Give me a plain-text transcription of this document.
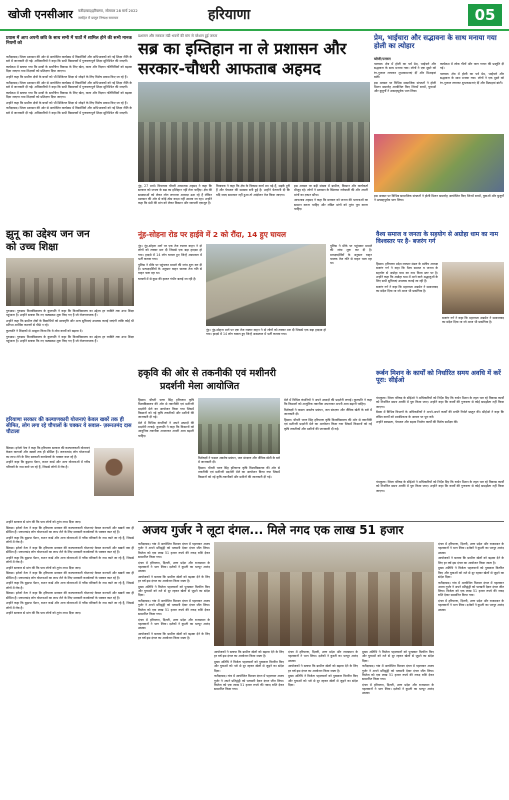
खोजी एनसीआर फरीदाबाद/हरियाणा, सोमवार 28 मार्च 2022
जनहित में प्रस्तुत निष्पक्ष समाचार	हरियाणा	05
प्रयास में आप अपनी छवि के साथ सभी में पाठों में शामिल होने की सभी मानक नियमों को

फरीदाबाद। जिला प्रशासन की ओर से आयोजित कार्यक्रम में विद्यार्थियों और अभिभावकों को नई शिक्षा नीति के बारे में जानकारी दी गई। अधिकारियों ने कहा कि सभी विद्यालयों में गुणवत्तापूर्ण शिक्षा सुनिश्चित की जाएगी।

कार्यक्रम में बताया गया कि छात्रों के सर्वांगीण विकास के लिए खेल, कला और विज्ञान गतिविधियों को बढ़ावा दिया जाएगा तथा शिक्षकों को प्रशिक्षण दिया जाएगा।

उन्होंने कहा कि ग्रामीण क्षेत्रों के बच्चों को भी डिजिटल शिक्षा से जोड़ने के लिए विशेष प्रयास किए जा रहे हैं।

फरीदाबाद। जिला प्रशासन की ओर से आयोजित कार्यक्रम में विद्यार्थियों और अभिभावकों को नई शिक्षा नीति के बारे में जानकारी दी गई। अधिकारियों ने कहा कि सभी विद्यालयों में गुणवत्तापूर्ण शिक्षा सुनिश्चित की जाएगी।

कार्यक्रम में बताया गया कि छात्रों के सर्वांगीण विकास के लिए खेल, कला और विज्ञान गतिविधियों को बढ़ावा दिया जाएगा तथा शिक्षकों को प्रशिक्षण दिया जाएगा।

उन्होंने कहा कि ग्रामीण क्षेत्रों के बच्चों को भी डिजिटल शिक्षा से जोड़ने के लिए विशेष प्रयास किए जा रहे हैं।

फरीदाबाद। जिला प्रशासन की ओर से आयोजित कार्यक्रम में विद्यार्थियों और अभिभावकों को नई शिक्षा नीति के बारे में जानकारी दी गई। अधिकारियों ने कहा कि सभी विद्यालयों में गुणवत्तापूर्ण शिक्षा सुनिश्चित की जाएगी।

प्रशासन और सरकार मंडी भवनों की मांग से परेशान हुई जनता
सब्र का इम्तिहान ना ले प्रशासन और
सरकार-चौधरी आफताब अहमद

नूंह, 27 मार्च। विधायक चौधरी आफताब अहमद ने कहा कि सरकार को जनता के सब्र का इम्तिहान नहीं लेना चाहिए। क्षेत्र की समस्याओं को लेकर लोग लगातार आवाज़ उठा रहे हैं लेकिन प्रशासन की ओर से कोई ठोस कदम नहीं उठाया जा रहा। उन्होंने कहा कि मंडी की मांग को लेकर किसान और व्यापारी एकजुट हैं।

विधायक ने कहा कि क्षेत्र के विकास कार्य ठप पड़े हैं, सड़कें टूटी हैं और पेयजल की समस्या बनी हुई है। उन्होंने चेतावनी दी कि यदि जल्द समाधान नहीं हुआ तो आंदोलन तेज किया जाएगा।

इस अवसर पर बड़ी संख्या में ग्रामीण, किसान और कार्यकर्ता मौजूद रहे। लोगों ने प्रशासन के खिलाफ नारेबाजी की और अपनी मांगों का ज्ञापन सौंपा।

आफताब अहमद ने कहा कि सरकार को जनता की भावनाओं का सम्मान करना चाहिए और लंबित मांगों को तुरंत पूरा करना चाहिए।

प्रेम, भाईचारा और सद्भावना के साथ मनाया गया होली का त्योहार
खोजी/पलवल

पलवल। क्षेत्र में होली का पर्व प्रेम, भाईचारे और सद्भावना के साथ मनाया गया। लोगों ने एक दूसरे को रंग-गुलाल लगाकर शुभकामनाएं दीं और मिठाइयां बांटी।

इस अवसर पर विभिन्न सामाजिक संगठनों ने होली मिलन समारोह आयोजित किए जिनमें बच्चों, युवाओं और बुजुर्गों ने उत्साहपूर्वक भाग लिया।

कार्यक्रम में लोक गीतों और फाग गायन की प्रस्तुति दी गई।

पलवल। क्षेत्र में होली का पर्व प्रेम, भाईचारे और सद्भावना के साथ मनाया गया। लोगों ने एक दूसरे को रंग-गुलाल लगाकर शुभकामनाएं दीं और मिठाइयां बांटी।

इस अवसर पर विभिन्न सामाजिक संगठनों ने होली मिलन समारोह आयोजित किए जिनमें बच्चों, युवाओं और बुजुर्गों ने उत्साहपूर्वक भाग लिया।

झुनू का उद्देश्य जन जन
को उच्च शिक्षा

गुरुग्राम। गुरुग्राम विश्वविद्यालय के कुलपति ने कहा कि विश्वविद्यालय का उद्देश्य हर व्यक्ति तक उच्च शिक्षा पहुंचाना है। उन्होंने बताया कि नए पाठ्यक्रम शुरू किए गए हैं जो रोजगारपरक हैं।

उन्होंने कहा कि ग्रामीण क्षेत्रों के विद्यार्थियों को छात्रवृत्ति और अन्य सुविधाएं उपलब्ध कराई जाएंगी ताकि कोई भी प्रतिभा आर्थिक कारणों से पीछे न रहे।

कुलपति ने शिक्षकों से आह्वान किया कि वे शोध कार्यों को बढ़ावा दें।

गुरुग्राम। गुरुग्राम विश्वविद्यालय के कुलपति ने कहा कि विश्वविद्यालय का उद्देश्य हर व्यक्ति तक उच्च शिक्षा पहुंचाना है। उन्होंने बताया कि नए पाठ्यक्रम शुरू किए गए हैं जो रोजगारपरक हैं।

हरियाणा सरकार की कल्याणकारी योजनाएं केवल खबरें तक ही सीमित, लोग लगा रहे चौपालों के चक्कर ये सवाल- ज़रूरतमंद दास चौटाला

सिरसा। इनेलो नेता ने कहा कि हरियाणा सरकार की कल्याणकारी योजनाएं केवल कागजों और खबरों तक ही सीमित हैं। जरूरतमंद लोग योजनाओं का लाभ लेने के लिए सरकारी कार्यालयों के चक्कर काट रहे हैं।

उन्होंने कहा कि बुढ़ापा पेंशन, राशन कार्ड और अन्य योजनाओं में गरीब परिवारों के नाम काटे जा रहे हैं, जिससे लोगों में रोष है।

उन्होंने सरकार से मांग की कि पात्र लोगों को तुरंत लाभ दिया जाए।

सिरसा। इनेलो नेता ने कहा कि हरियाणा सरकार की कल्याणकारी योजनाएं केवल कागजों और खबरों तक ही सीमित हैं। जरूरतमंद लोग योजनाओं का लाभ लेने के लिए सरकारी कार्यालयों के चक्कर काट रहे हैं।

उन्होंने कहा कि बुढ़ापा पेंशन, राशन कार्ड और अन्य योजनाओं में गरीब परिवारों के नाम काटे जा रहे हैं, जिससे लोगों में रोष है।

सिरसा। इनेलो नेता ने कहा कि हरियाणा सरकार की कल्याणकारी योजनाएं केवल कागजों और खबरों तक ही सीमित हैं। जरूरतमंद लोग योजनाओं का लाभ लेने के लिए सरकारी कार्यालयों के चक्कर काट रहे हैं।

उन्होंने कहा कि बुढ़ापा पेंशन, राशन कार्ड और अन्य योजनाओं में गरीब परिवारों के नाम काटे जा रहे हैं, जिससे लोगों में रोष है।

उन्होंने सरकार से मांग की कि पात्र लोगों को तुरंत लाभ दिया जाए।

सिरसा। इनेलो नेता ने कहा कि हरियाणा सरकार की कल्याणकारी योजनाएं केवल कागजों और खबरों तक ही सीमित हैं। जरूरतमंद लोग योजनाओं का लाभ लेने के लिए सरकारी कार्यालयों के चक्कर काट रहे हैं।

उन्होंने कहा कि बुढ़ापा पेंशन, राशन कार्ड और अन्य योजनाओं में गरीब परिवारों के नाम काटे जा रहे हैं, जिससे लोगों में रोष है।

सिरसा। इनेलो नेता ने कहा कि हरियाणा सरकार की कल्याणकारी योजनाएं केवल कागजों और खबरों तक ही सीमित हैं। जरूरतमंद लोग योजनाओं का लाभ लेने के लिए सरकारी कार्यालयों के चक्कर काट रहे हैं।

उन्होंने कहा कि बुढ़ापा पेंशन, राशन कार्ड और अन्य योजनाओं में गरीब परिवारों के नाम काटे जा रहे हैं, जिससे लोगों में रोष है।

उन्होंने सरकार से मांग की कि पात्र लोगों को तुरंत लाभ दिया जाए।

नूंह-सोहना रोड पर हाईवे में 2 को रौंदा, 14 हुए घायल

नूंह। नूंह-सोहना मार्ग पर एक तेज रफ्तार वाहन ने दो लोगों को टक्कर मार दी जिससे एक बड़ा हादसा हो गया। हादसे में 14 लोग घायल हुए जिन्हें अस्पताल में भर्ती कराया गया।

पुलिस ने मौके पर पहुंचकर मामले की जांच शुरू कर दी है। प्रत्यक्षदर्शियों के अनुसार वाहन चालक तेज गति से वाहन चला रहा था।

घायलों में से कुछ की हालत गंभीर बताई जा रही है।

पुलिस ने मौके पर पहुंचकर मामले की जांच शुरू कर दी है। प्रत्यक्षदर्शियों के अनुसार वाहन चालक तेज गति से वाहन चला रहा था।

नूंह। नूंह-सोहना मार्ग पर एक तेज रफ्तार वाहन ने दो लोगों को टक्कर मार दी जिससे एक बड़ा हादसा हो गया। हादसे में 14 लोग घायल हुए जिन्हें अस्पताल में भर्ती कराया गया।

वैश्य समाज व जनता के सहयोग से अग्रोहा धाम का नाम विश्वस्तर पर है- बजरंग गर्ग

हिसार। हरियाणा प्रदेश व्यापार मंडल के प्रांतीय अध्यक्ष बजरंग गर्ग ने कहा कि वैश्य समाज व जनता के सहयोग से अग्रोहा धाम का नाम विश्व स्तर पर है। उन्होंने कहा कि अग्रोहा धाम में आने वाले श्रद्धालुओं के लिए सभी सुविधाएं उपलब्ध कराई जा रही हैं।

बजरंग गर्ग ने कहा कि महाराजा अग्रसेन ने समाजवाद का संदेश दिया था जो आज भी प्रासंगिक है।

बजरंग गर्ग ने कहा कि महाराजा अग्रसेन ने समाजवाद का संदेश दिया था जो आज भी प्रासंगिक है।

हकृवि की ओर से तकनीकी एवं मशीनरी
प्रदर्शनी मेला आयोजित

हिसार। चौधरी चरण सिंह हरियाणा कृषि विश्वविद्यालय की ओर से तकनीकी एवं मशीनरी प्रदर्शनी मेले का आयोजन किया गया जिसमें किसानों को नई कृषि तकनीकों और मशीनों की जानकारी दी गई।

मेले में विभिन्न कंपनियों ने अपने उत्पादों की प्रदर्शनी लगाई। कुलपति ने कहा कि किसानों को आधुनिक तकनीक अपनाकर अपनी आय बढ़ानी चाहिए।

विशेषज्ञों ने फसल अवशेष प्रबंधन, जल संरक्षण और जैविक खेती के बारे में जानकारी दी।

हिसार। चौधरी चरण सिंह हरियाणा कृषि विश्वविद्यालय की ओर से तकनीकी एवं मशीनरी प्रदर्शनी मेले का आयोजन किया गया जिसमें किसानों को नई कृषि तकनीकों और मशीनों की जानकारी दी गई।

मेले में विभिन्न कंपनियों ने अपने उत्पादों की प्रदर्शनी लगाई। कुलपति ने कहा कि किसानों को आधुनिक तकनीक अपनाकर अपनी आय बढ़ानी चाहिए।

विशेषज्ञों ने फसल अवशेष प्रबंधन, जल संरक्षण और जैविक खेती के बारे में जानकारी दी।

हिसार। चौधरी चरण सिंह हरियाणा कृषि विश्वविद्यालय की ओर से तकनीकी एवं मशीनरी प्रदर्शनी मेले का आयोजन किया गया जिसमें किसानों को नई कृषि तकनीकों और मशीनों की जानकारी दी गई।

रूर्बन मिशन के कार्यों को निर्धारित समय अवधि में करें पूरा: सीईओ

पंचकूला। जिला परिषद के सीईओ ने अधिकारियों को निर्देश दिए कि रूर्बन मिशन के तहत चल रहे विकास कार्यों को निर्धारित समय अवधि में पूरा किया जाए। उन्होंने कहा कि कार्यों की गुणवत्ता से कोई समझौता नहीं किया जाएगा।

बैठक में विभिन्न विभागों के अधिकारियों ने अपने-अपने कार्यों की प्रगति रिपोर्ट प्रस्तुत की। सीईओ ने कहा कि लंबित कार्यों को प्राथमिकता के आधार पर पूरा करें।

उन्होंने स्वच्छता, पेयजल और सड़क निर्माण कार्यों की विशेष समीक्षा की।

पंचकूला। जिला परिषद के सीईओ ने अधिकारियों को निर्देश दिए कि रूर्बन मिशन के तहत चल रहे विकास कार्यों को निर्धारित समय अवधि में पूरा किया जाए। उन्होंने कहा कि कार्यों की गुणवत्ता से कोई समझौता नहीं किया जाएगा।

अजय गुर्जर ने लूटा दंगल... मिले नगद एक लाख 51 हजार

फरीदाबाद। गांव में आयोजित विशाल दंगल में पहलवान अजय गुर्जर ने अपने प्रतिद्वंद्वी को पटखनी देकर दंगल जीत लिया। विजेता को एक लाख 51 हजार रुपये की नकद राशि देकर सम्मानित किया गया।

दंगल में हरियाणा, दिल्ली, उत्तर प्रदेश और राजस्थान के पहलवानों ने भाग लिया। दर्शकों ने कुश्ती का भरपूर आनंद उठाया।

आयोजकों ने बताया कि ग्रामीण खेलों को बढ़ावा देने के लिए हर वर्ष इस दंगल का आयोजन किया जाता है।

मुख्य अतिथि ने विजेता पहलवानों को पुरस्कार वितरित किए और युवाओं को नशे से दूर रहकर खेलों से जुड़ने का संदेश दिया।

फरीदाबाद। गांव में आयोजित विशाल दंगल में पहलवान अजय गुर्जर ने अपने प्रतिद्वंद्वी को पटखनी देकर दंगल जीत लिया। विजेता को एक लाख 51 हजार रुपये की नकद राशि देकर सम्मानित किया गया।

दंगल में हरियाणा, दिल्ली, उत्तर प्रदेश और राजस्थान के पहलवानों ने भाग लिया। दर्शकों ने कुश्ती का भरपूर आनंद उठाया।

आयोजकों ने बताया कि ग्रामीण खेलों को बढ़ावा देने के लिए हर वर्ष इस दंगल का आयोजन किया जाता है।

दंगल में हरियाणा, दिल्ली, उत्तर प्रदेश और राजस्थान के पहलवानों ने भाग लिया। दर्शकों ने कुश्ती का भरपूर आनंद उठाया।

आयोजकों ने बताया कि ग्रामीण खेलों को बढ़ावा देने के लिए हर वर्ष इस दंगल का आयोजन किया जाता है।

मुख्य अतिथि ने विजेता पहलवानों को पुरस्कार वितरित किए और युवाओं को नशे से दूर रहकर खेलों से जुड़ने का संदेश दिया।

फरीदाबाद। गांव में आयोजित विशाल दंगल में पहलवान अजय गुर्जर ने अपने प्रतिद्वंद्वी को पटखनी देकर दंगल जीत लिया। विजेता को एक लाख 51 हजार रुपये की नकद राशि देकर सम्मानित किया गया।

दंगल में हरियाणा, दिल्ली, उत्तर प्रदेश और राजस्थान के पहलवानों ने भाग लिया। दर्शकों ने कुश्ती का भरपूर आनंद उठाया।

आयोजकों ने बताया कि ग्रामीण खेलों को बढ़ावा देने के लिए हर वर्ष इस दंगल का आयोजन किया जाता है।

मुख्य अतिथि ने विजेता पहलवानों को पुरस्कार वितरित किए और युवाओं को नशे से दूर रहकर खेलों से जुड़ने का संदेश दिया।

फरीदाबाद। गांव में आयोजित विशाल दंगल में पहलवान अजय गुर्जर ने अपने प्रतिद्वंद्वी को पटखनी देकर दंगल जीत लिया। विजेता को एक लाख 51 हजार रुपये की नकद राशि देकर सम्मानित किया गया।

दंगल में हरियाणा, दिल्ली, उत्तर प्रदेश और राजस्थान के पहलवानों ने भाग लिया। दर्शकों ने कुश्ती का भरपूर आनंद उठाया।

आयोजकों ने बताया कि ग्रामीण खेलों को बढ़ावा देने के लिए हर वर्ष इस दंगल का आयोजन किया जाता है।

मुख्य अतिथि ने विजेता पहलवानों को पुरस्कार वितरित किए और युवाओं को नशे से दूर रहकर खेलों से जुड़ने का संदेश दिया।

मुख्य अतिथि ने विजेता पहलवानों को पुरस्कार वितरित किए और युवाओं को नशे से दूर रहकर खेलों से जुड़ने का संदेश दिया।

फरीदाबाद। गांव में आयोजित विशाल दंगल में पहलवान अजय गुर्जर ने अपने प्रतिद्वंद्वी को पटखनी देकर दंगल जीत लिया। विजेता को एक लाख 51 हजार रुपये की नकद राशि देकर सम्मानित किया गया।

दंगल में हरियाणा, दिल्ली, उत्तर प्रदेश और राजस्थान के पहलवानों ने भाग लिया। दर्शकों ने कुश्ती का भरपूर आनंद उठाया।
